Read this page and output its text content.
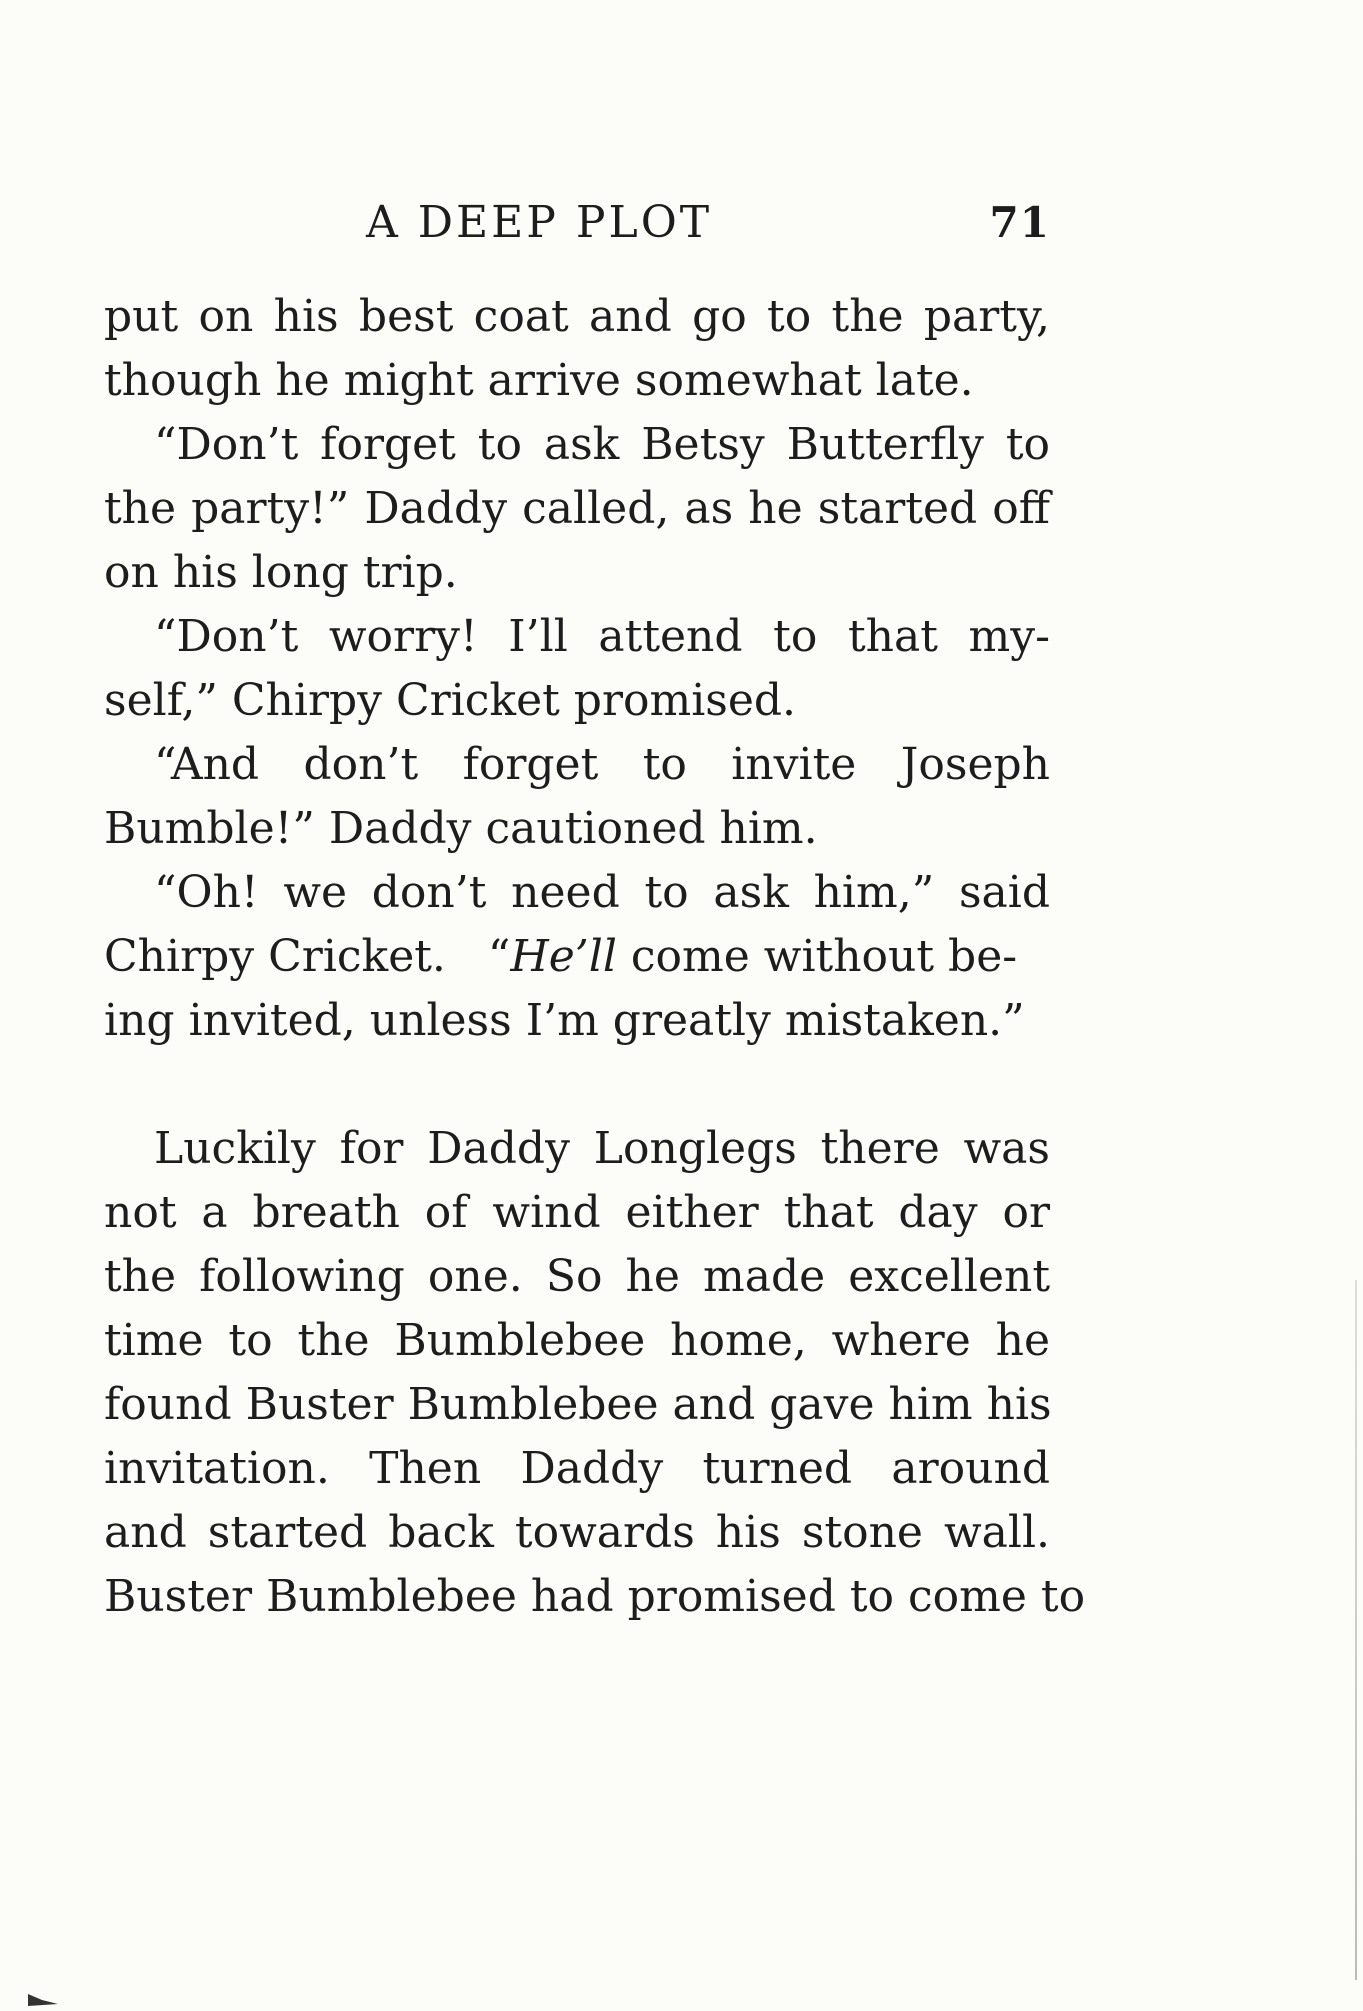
A DEEP PLOT	71
put on his best coat and go to the party,
though he might arrive somewhat late.
“Don’t forget to ask Betsy Butterfly to
the party!” Daddy called, as he started off
on his long trip.
“Don’t worry! I’ll attend to that my-
self,” Chirpy Cricket promised.
“And don’t forget to invite Joseph
Bumble!” Daddy cautioned him.
“Oh! we don’t need to ask him,” said
Chirpy Cricket.   “He’ll come without be-
ing invited, unless I’m greatly mistaken.”
Luckily for Daddy Longlegs there was
not a breath of wind either that day or
the following one. So he made excellent
time to the Bumblebee home, where he
found Buster Bumblebee and gave him his
invitation. Then Daddy turned around
and started back towards his stone wall.
Buster Bumblebee had promised to come to
